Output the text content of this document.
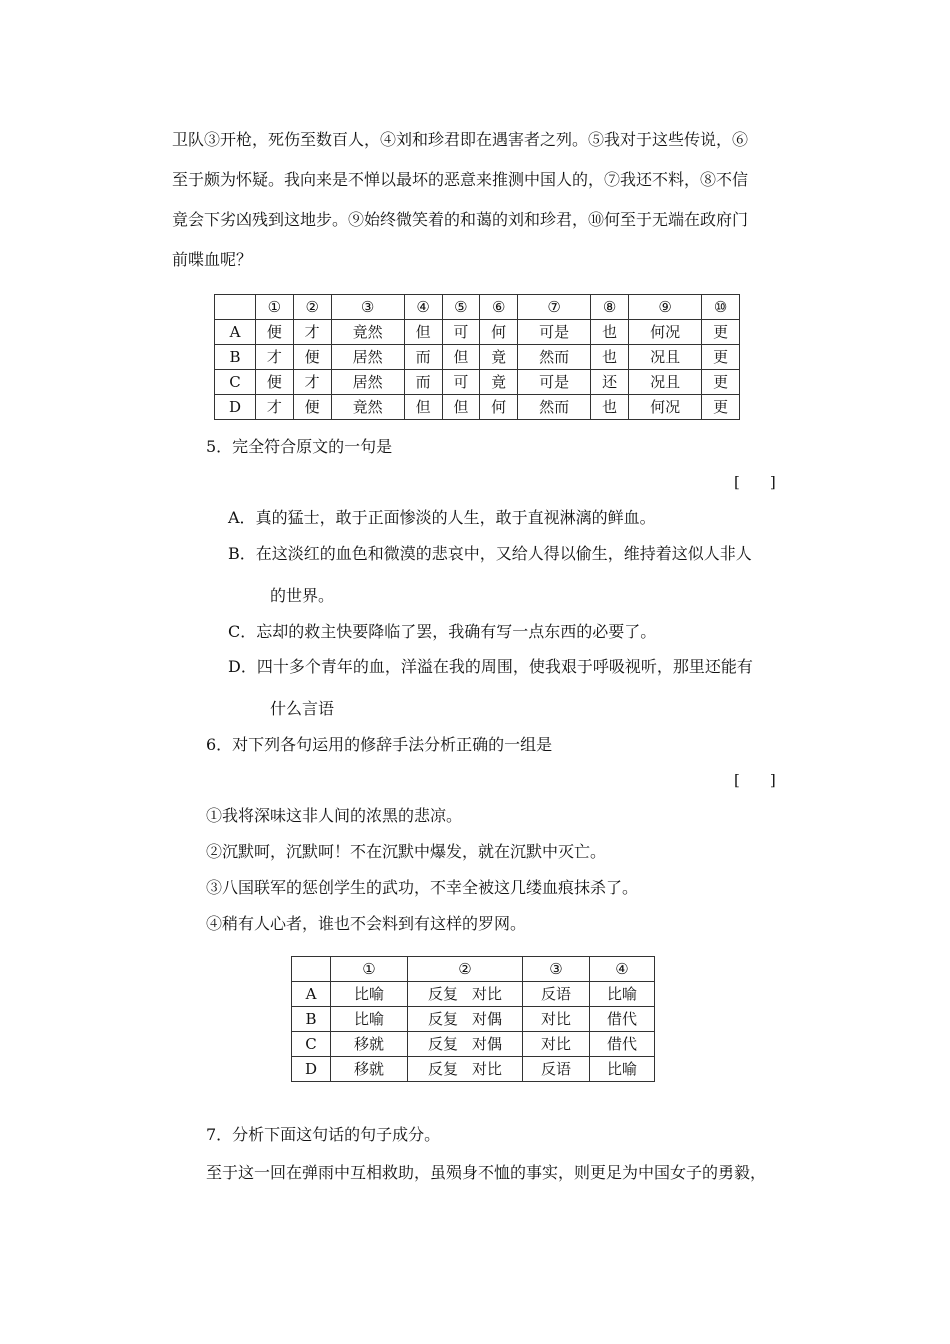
卫队③开枪，死伤至数百人，④刘和珍君即在遇害者之列。⑤我对于这些传说，⑥
至于颇为怀疑。我向来是不惮以最坏的恶意来推测中国人的，⑦我还不料，⑧不信
竟会下劣凶残到这地步。⑨始终微笑着的和蔼的刘和珍君，⑩何至于无端在政府门
前喋血呢？
	①	②	③	④	⑤	⑥	⑦	⑧	⑨	⑩
A	便	才	竟然	但	可	何	可是	也	何况	更
B	才	便	居然	而	但	竟	然而	也	况且	更
C	便	才	居然	而	可	竟	可是	还	况且	更
D	才	便	竟然	但	但	何	然而	也	何况	更
5．完全符合原文的一句是
[　　]
A．真的猛士，敢于正面惨淡的人生，敢于直视淋漓的鲜血。
B．在这淡红的血色和微漠的悲哀中，又给人得以偷生，维持着这似人非人
的世界。
C．忘却的救主快要降临了罢，我确有写一点东西的必要了。
D．四十多个青年的血，洋溢在我的周围，使我艰于呼吸视听，那里还能有
什么言语
6．对下列各句运用的修辞手法分析正确的一组是
[　　]
①我将深味这非人间的浓黑的悲凉。
②沉默呵，沉默呵！不在沉默中爆发，就在沉默中灭亡。
③八国联军的惩创学生的武功，不幸全被这几缕血痕抹杀了。
④稍有人心者，谁也不会料到有这样的罗网。
	①	②	③	④
A	比喻	反复 对比	反语	比喻
B	比喻	反复 对偶	对比	借代
C	移就	反复 对偶	对比	借代
D	移就	反复 对比	反语	比喻
7．分析下面这句话的句子成分。
至于这一回在弹雨中互相救助，虽殒身不恤的事实，则更足为中国女子的勇毅，
